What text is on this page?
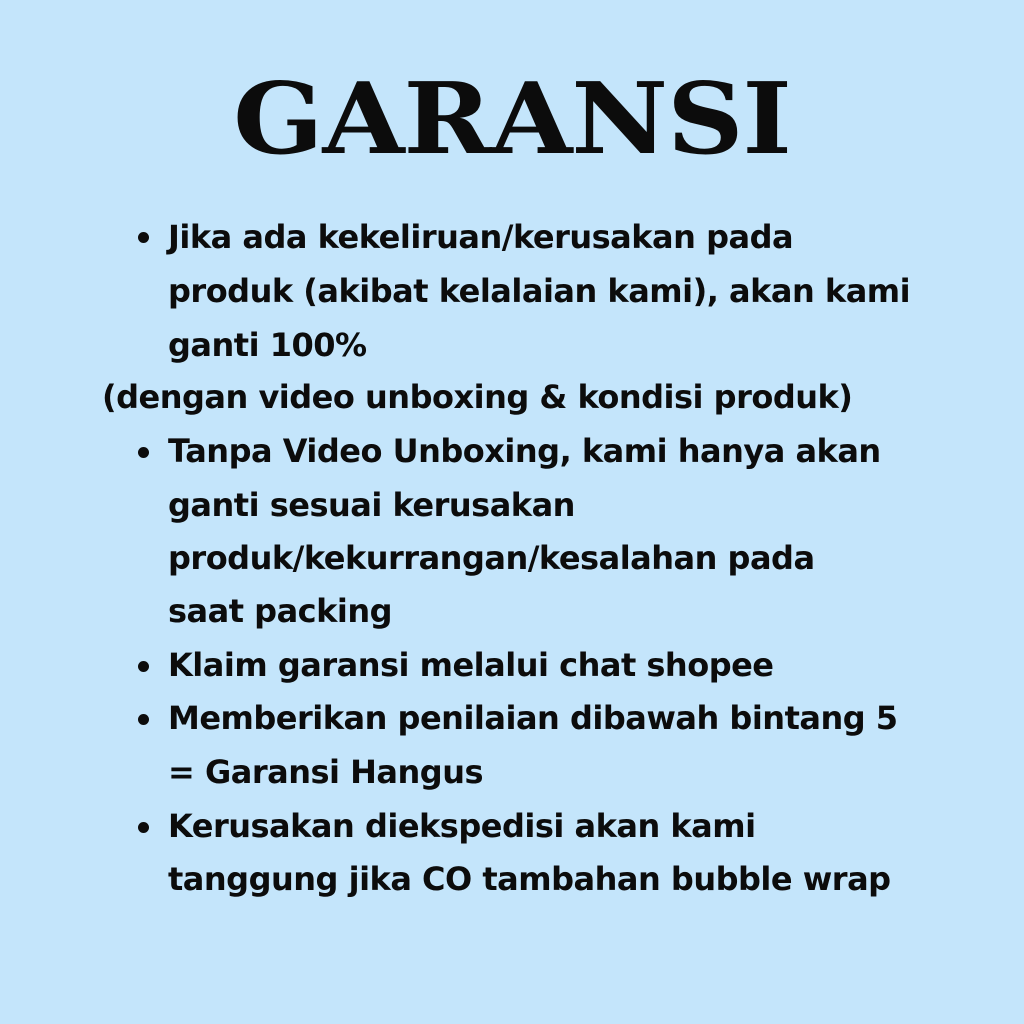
GARANSI
Jika ada kekeliruan/kerusakan pada
produk (akibat kelalaian kami), akan kami
ganti 100%
(dengan video unboxing & kondisi produk)
Tanpa Video Unboxing, kami hanya akan
ganti sesuai kerusakan
produk/kekurrangan/kesalahan pada
saat packing
Klaim garansi melalui chat shopee
Memberikan penilaian dibawah bintang 5
= Garansi Hangus
Kerusakan diekspedisi akan kami
tanggung jika CO tambahan bubble wrap
